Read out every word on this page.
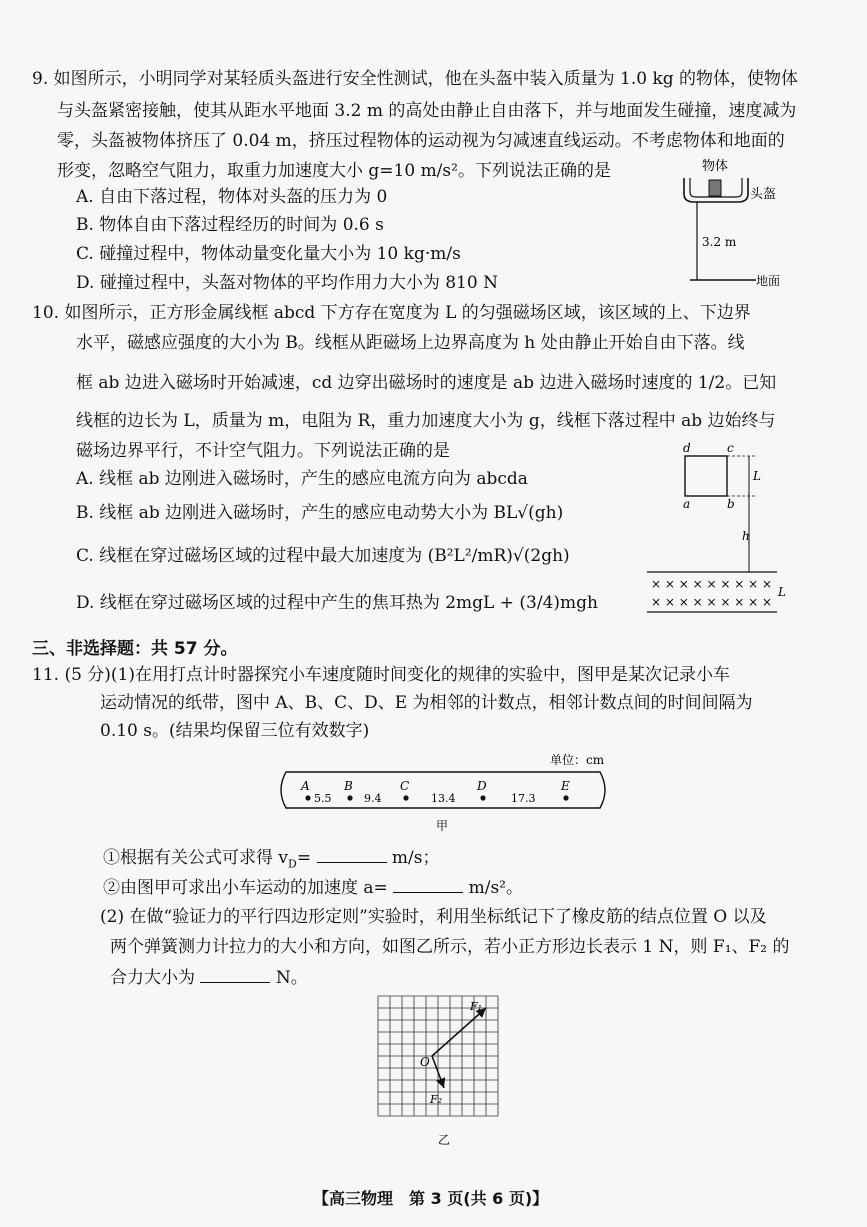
9. 如图所示，小明同学对某轻质头盔进行安全性测试，他在头盔中装入质量为 1.0 kg 的物体，使物体
与头盔紧密接触，使其从距水平地面 3.2 m 的高处由静止自由落下，并与地面发生碰撞，速度减为
零，头盔被物体挤压了 0.04 m，挤压过程物体的运动视为匀减速直线运动。不考虑物体和地面的
形变，忽略空气阻力，取重力加速度大小 g=10 m/s²。下列说法正确的是
A. 自由下落过程，物体对头盔的压力为 0
B. 物体自由下落过程经历的时间为 0.6 s
C. 碰撞过程中，物体动量变化量大小为 10 kg·m/s
D. 碰撞过程中，头盔对物体的平均作用力大小为 810 N
物体
头盔
3.2 m
地面
10. 如图所示，正方形金属线框 abcd 下方存在宽度为 L 的匀强磁场区域，该区域的上、下边界
水平，磁感应强度的大小为 B。线框从距磁场上边界高度为 h 处由静止开始自由下落。线
框 ab 边进入磁场时开始减速，cd 边穿出磁场时的速度是 ab 边进入磁场时速度的 1/2。已知
线框的边长为 L，质量为 m，电阻为 R，重力加速度大小为 g，线框下落过程中 ab 边始终与
磁场边界平行，不计空气阻力。下列说法正确的是
A. 线框 ab 边刚进入磁场时，产生的感应电流方向为 abcda
B. 线框 ab 边刚进入磁场时，产生的感应电动势大小为 BL√(gh)
C. 线框在穿过磁场区域的过程中最大加速度为 (B²L²/mR)√(2gh)
D. 线框在穿过磁场区域的过程中产生的焦耳热为 2mgL + (3/4)mgh
d	c
a	b
L
h
× × × × × × × × ×
× × × × × × × × ×
L
三、非选择题：共 57 分。
11. (5 分)(1)在用打点计时器探究小车速度随时间变化的规律的实验中，图甲是某次记录小车
运动情况的纸带，图中 A、B、C、D、E 为相邻的计数点，相邻计数点间的时间间隔为
0.10 s。(结果均保留三位有效数字)
单位：cm
A	B	C	D	E
5.5	9.4	13.4	17.3
甲
①根据有关公式可求得 $v_D=$	m/s；
②由图甲可求出小车运动的加速度 a=	m/s²。
(2) 在做“验证力的平行四边形定则”实验时，利用坐标纸记下了橡皮筋的结点位置 O 以及
两个弹簧测力计拉力的大小和方向，如图乙所示，若小正方形边长表示 1 N，则 F₁、F₂ 的
合力大小为	N。
F₁
F₂
O
乙
【高三物理　第 3 页(共 6 页)】
